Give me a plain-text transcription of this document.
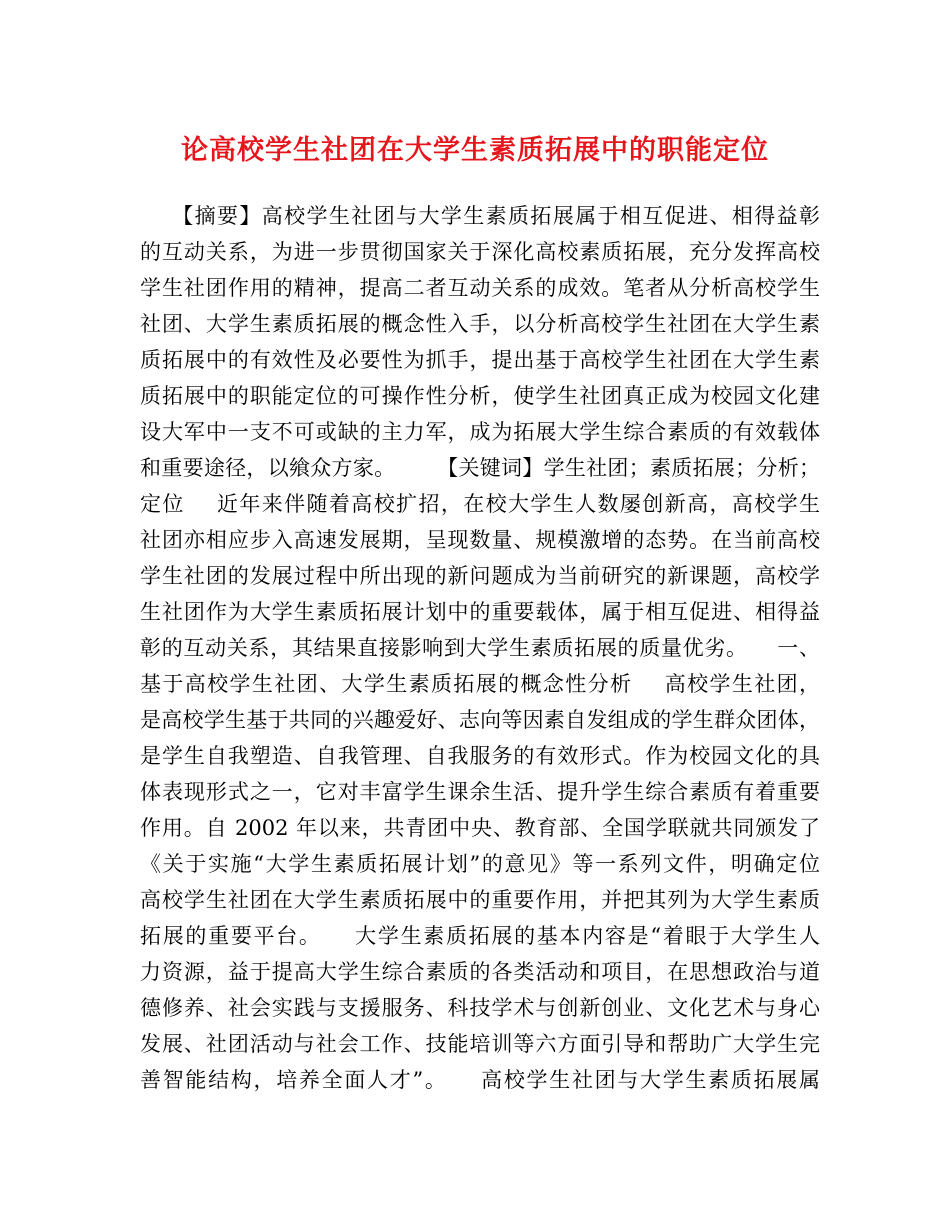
论高校学生社团在大学生素质拓展中的职能定位
【摘要】高校学生社团与大学生素质拓展属于相互促进、相得益彰
的互动关系，为进一步贯彻国家关于深化高校素质拓展，充分发挥高校
学生社团作用的精神，提高二者互动关系的成效。笔者从分析高校学生
社团、大学生素质拓展的概念性入手，以分析高校学生社团在大学生素
质拓展中的有效性及必要性为抓手，提出基于高校学生社团在大学生素
质拓展中的职能定位的可操作性分析，使学生社团真正成为校园文化建
设大军中一支不可或缺的主力军，成为拓展大学生综合素质的有效载体
和重要途径，以飨众方家。      【关键词】学生社团；素质拓展；分析；
定位    近年来伴随着高校扩招，在校大学生人数屡创新高，高校学生
社团亦相应步入高速发展期，呈现数量、规模激增的态势。在当前高校
学生社团的发展过程中所出现的新问题成为当前研究的新课题，高校学
生社团作为大学生素质拓展计划中的重要载体，属于相互促进、相得益
彰的互动关系，其结果直接影响到大学生素质拓展的质量优劣。    一、
基于高校学生社团、大学生素质拓展的概念性分析    高校学生社团，
是高校学生基于共同的兴趣爱好、志向等因素自发组成的学生群众团体，
是学生自我塑造、自我管理、自我服务的有效形式。作为校园文化的具
体表现形式之一，它对丰富学生课余生活、提升学生综合素质有着重要
作用。自 2002 年以来，共青团中央、教育部、全国学联就共同颁发了
《关于实施“大学生素质拓展计划”的意见》等一系列文件，明确定位
高校学生社团在大学生素质拓展中的重要作用，并把其列为大学生素质
拓展的重要平台。    大学生素质拓展的基本内容是“着眼于大学生人
力资源，益于提高大学生综合素质的各类活动和项目，在思想政治与道
德修养、社会实践与支援服务、科技学术与创新创业、文化艺术与身心
发展、社团活动与社会工作、技能培训等六方面引导和帮助广大学生完
善智能结构，培养全面人才”。    高校学生社团与大学生素质拓展属
